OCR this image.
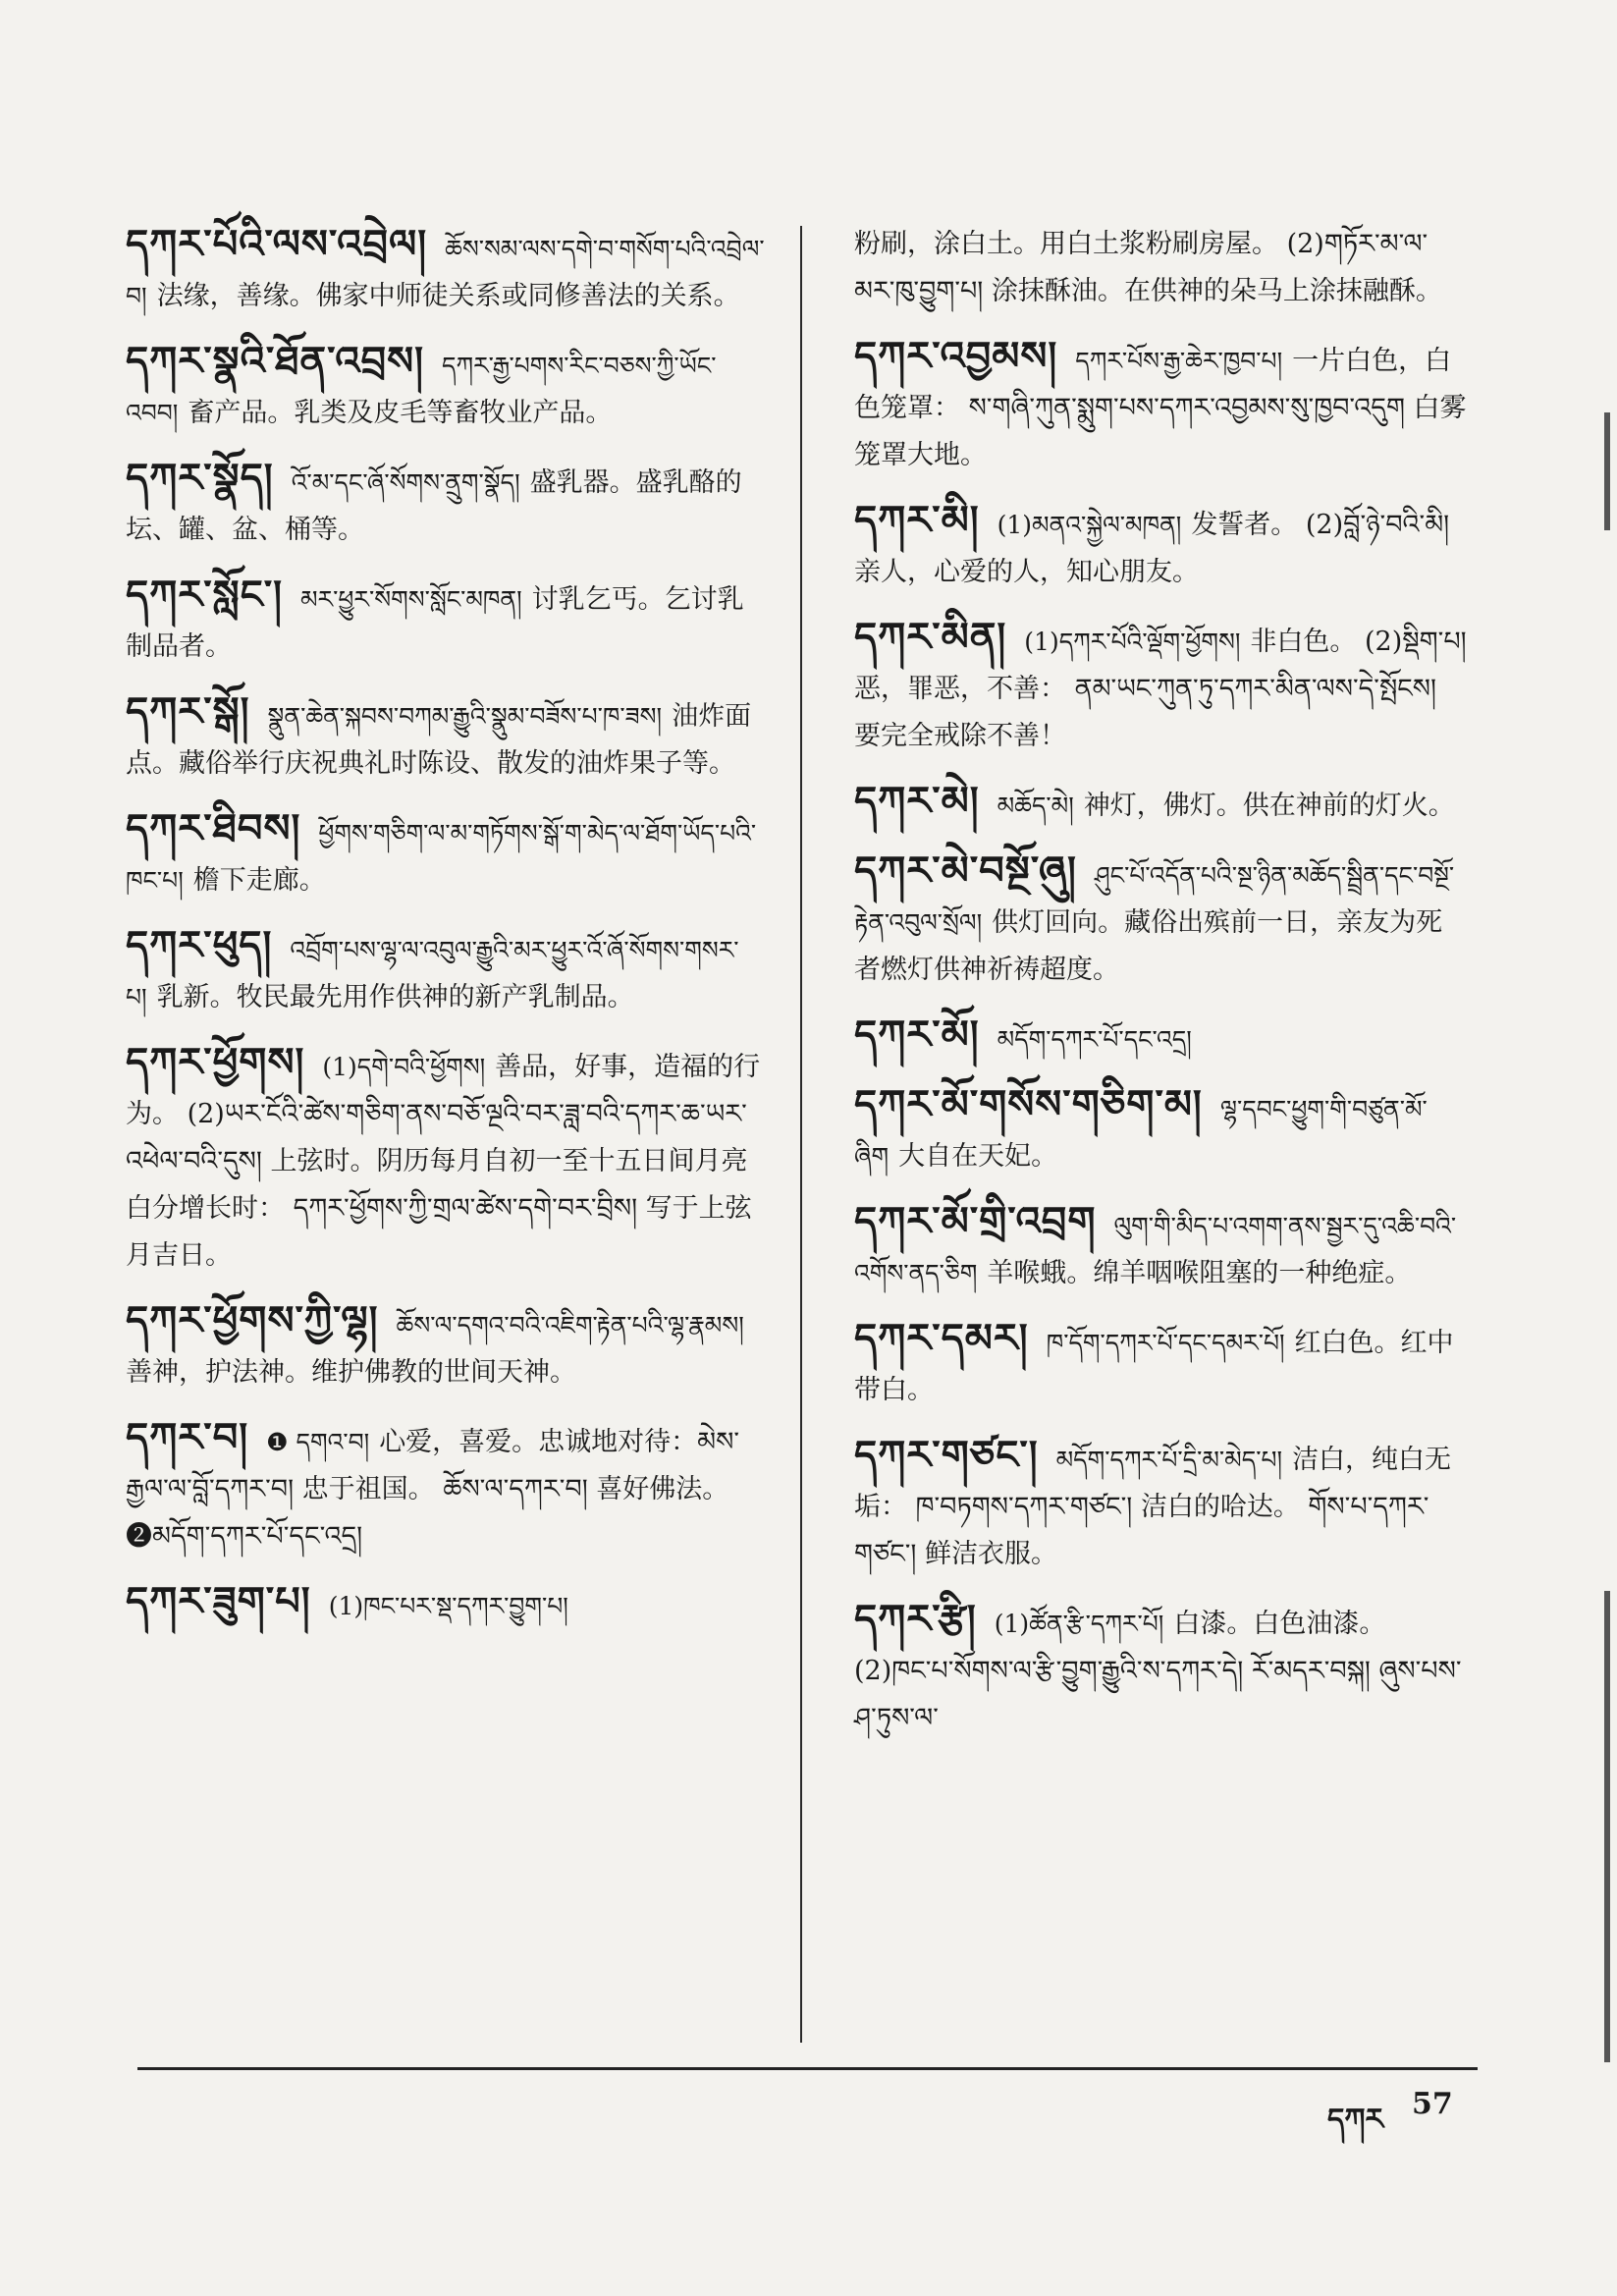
དཀར་པོའི་ལས་འབྲེལ། ཆོས་སམ་ལས་དགེ་བ་གསོག་པའི་འབྲེལ་བ། 法缘，善缘。佛家中师徒关系或同修善法的关系。
དཀར་སྣའི་ཐོན་འབྲས། དཀར་རྒྱ་པགས་རིང་བཅས་ཀྱི་ཡོང་འབབ། 畜产品。乳类及皮毛等畜牧业产品。
དཀར་སྣོད། འོ་མ་དང་ཞོ་སོགས་ནྲུག་སྣོད། 盛乳器。盛乳酪的坛、罐、盆、桶等。
དཀར་སློང་། མར་ཕྱུར་སོགས་སློང་མཁན། 讨乳乞丐。乞讨乳制品者。
དཀར་སྒོ། སྣུན་ཆེན་སྐབས་བཀམ་རྒྱུའི་སྣུམ་བཟོས་པ་ཁ་ཟས། 油炸面点。藏俗举行庆祝典礼时陈设、散发的油炸果子等。
དཀར་ཐིབས། ཕྱོགས་གཅིག་ལ་མ་གཏོགས་སྒོ་ག་མེད་ལ་ཐོག་ཡོད་པའི་ཁང་པ། 檐下走廊。
དཀར་ཕུད། འབྲོག་པས་ལྷ་ལ་འབུལ་རྒྱུའི་མར་ཕྱུར་འོ་ཞོ་སོགས་གསར་པ། 乳新。牧民最先用作供神的新产乳制品。
དཀར་ཕྱོགས། (1)དགེ་བའི་ཕྱོགས། 善品，好事，造福的行为。 (2)ཡར་ངོའི་ཚེས་གཅིག་ནས་བཅོ་ལྔའི་བར་ཟླ་བའི་དཀར་ཆ་ཡར་འཕེལ་བའི་དུས། 上弦时。阴历每月自初一至十五日间月亮白分增长时： དཀར་ཕྱོགས་ཀྱི་གྲལ་ཚེས་དགེ་བར་བྲིས། 写于上弦月吉日。
དཀར་ཕྱོགས་ཀྱི་ལྷ། ཆོས་ལ་དགའ་བའི་འཇིག་རྟེན་པའི་ལྷ་རྣམས།善神，护法神。维护佛教的世间天神。
དཀར་བ། ❶ དགའ་བ། 心爱，喜爱。忠诚地对待：མེས་རྒྱལ་ལ་བློ་དཀར་བ། 忠于祖国。 ཆོས་ལ་དཀར་བ། 喜好佛法。 ❷མདོག་དཀར་པོ་དང་འདྲ།
དཀར་ཟུག་པ། (1)ཁང་པར་སྡ་དཀར་བྱུག་པ།
粉刷，涂白土。用白土浆粉刷房屋。 (2)གཏོར་མ་ལ་མར་ཁུ་བྱུག་པ། 涂抹酥油。在供神的朵马上涂抹融酥。
དཀར་འབྱམས། དཀར་པོས་རྒྱ་ཆེར་ཁྱབ་པ། 一片白色，白色笼罩： ས་གཞི་ཀུན་སྨུག་པས་དཀར་འབྱམས་སུ་ཁྱབ་འདུག 白雾笼罩大地。
དཀར་མི། (1)མནའ་སྐྱེལ་མཁན། 发誓者。 (2)བློ་ཉེ་བའི་མི། 亲人，心爱的人，知心朋友。
དཀར་མིན། (1)དཀར་པོའི་ལྡོག་ཕྱོགས། 非白色。 (2)སྡིག་པ། 恶，罪恶，不善： ནམ་ཡང་ཀུན་ཏུ་དཀར་མིན་ལས་དེ་སྤོངས། 要完全戒除不善！
དཀར་མེ། མཆོད་མེ། 神灯，佛灯。供在神前的灯火。
དཀར་མེ་བསྔོ་ཞུ། ཤུང་པོ་འདོན་པའི་སྔ་ཉིན་མཆོད་སྦྲིན་དང་བསྔོ་རྟེན་འབུལ་སྲོལ། 供灯回向。藏俗出殡前一日，亲友为死者燃灯供神祈祷超度。
དཀར་མོ། མདོག་དཀར་པོ་དང་འདྲ།
དཀར་མོ་གསོས་གཅིག་མ། ལྷ་དབང་ཕྱུག་གི་བཙུན་མོ་ཞིག 大自在天妃。
དཀར་མོ་གྲི་འབྲག ལུག་གི་མིད་པ་འགག་ནས་སྦྱར་དུ་འཆི་བའི་འགོས་ནད་ཅིག 羊喉蛾。绵羊咽喉阻塞的一种绝症。
དཀར་དམར། ཁ་དོག་དཀར་པོ་དང་དམར་པོ། 红白色。红中带白。
དཀར་གཙང་། མདོག་དཀར་པོ་དྲི་མ་མེད་པ། 洁白，纯白无垢： ཁ་བཏགས་དཀར་གཙང་། 洁白的哈达。 གོས་པ་དཀར་གཙང་། 鲜洁衣服。
དཀར་རྩི། (1)ཚོན་རྩི་དཀར་པོ། 白漆。白色油漆。 (2)ཁང་པ་སོགས་ལ་རྩི་བྱུག་རྒྱུའི་ས་དཀར་དེ། རོ་མདར་བསྐ། ཞུས་པས་ཤ་ཏུས་ལ་
དཀར 57
